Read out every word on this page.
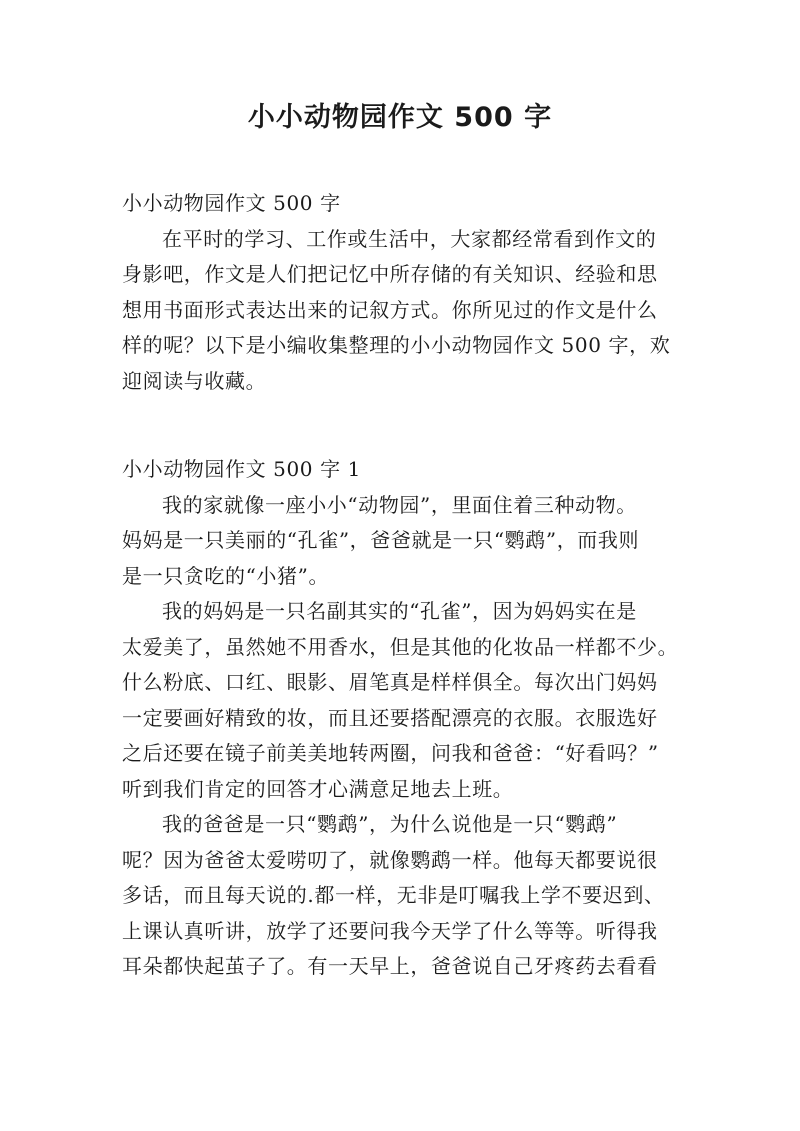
小小动物园作文 500 字
小小动物园作文 500 字
在平时的学习、工作或生活中，大家都经常看到作文的
身影吧，作文是人们把记忆中所存储的有关知识、经验和思
想用书面形式表达出来的记叙方式。你所见过的作文是什么
样的呢？以下是小编收集整理的小小动物园作文 500 字，欢
迎阅读与收藏。
小小动物园作文 500 字 1
我的家就像一座小小“动物园”，里面住着三种动物。
妈妈是一只美丽的“孔雀”，爸爸就是一只“鹦鹉”，而我则
是一只贪吃的“小猪”。
我的妈妈是一只名副其实的“孔雀”，因为妈妈实在是
太爱美了，虽然她不用香水，但是其他的化妆品一样都不少。
什么粉底、口红、眼影、眉笔真是样样俱全。每次出门妈妈
一定要画好精致的妆，而且还要搭配漂亮的衣服。衣服选好
之后还要在镜子前美美地转两圈，问我和爸爸：“好看吗？”
听到我们肯定的回答才心满意足地去上班。
我的爸爸是一只“鹦鹉”，为什么说他是一只“鹦鹉”
呢？因为爸爸太爱唠叨了，就像鹦鹉一样。他每天都要说很
多话，而且每天说的.都一样，无非是叮嘱我上学不要迟到、
上课认真听讲，放学了还要问我今天学了什么等等。听得我
耳朵都快起茧子了。有一天早上，爸爸说自己牙疼药去看看
